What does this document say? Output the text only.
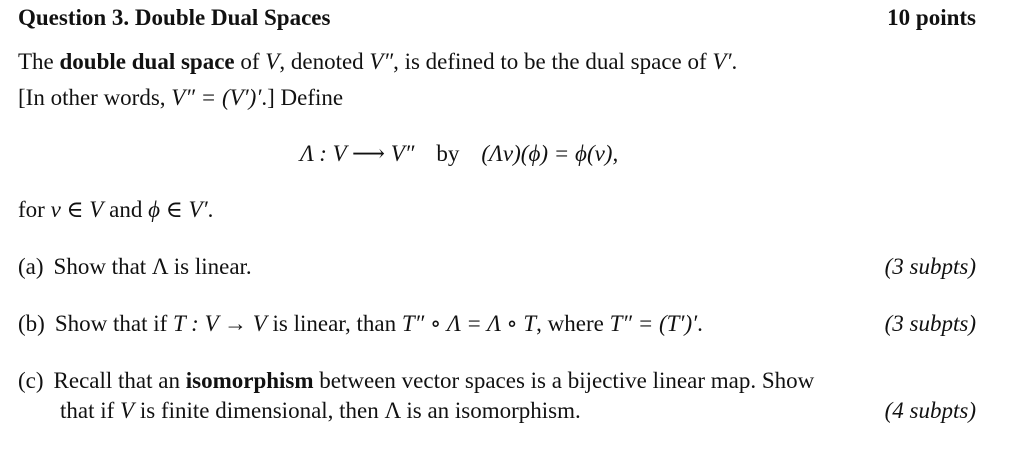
Question 3. Double Dual Spaces	10 points
The double dual space of V, denoted V″, is defined to be the dual space of V′.
[In other words, V″ = (V′)′.] Define
Λ : V ⟶ V″ by (Λv)(ϕ) = ϕ(v),
for v ∈ V and ϕ ∈ V′.
(a) Show that Λ is linear.	(3 subpts)
(b) Show that if T : V → V is linear, than T″ ∘ Λ = Λ ∘ T, where T″ = (T′)′.	(3 subpts)
(c) Recall that an isomorphism between vector spaces is a bijective linear map. Show
that if V is finite dimensional, then Λ is an isomorphism.	(4 subpts)
